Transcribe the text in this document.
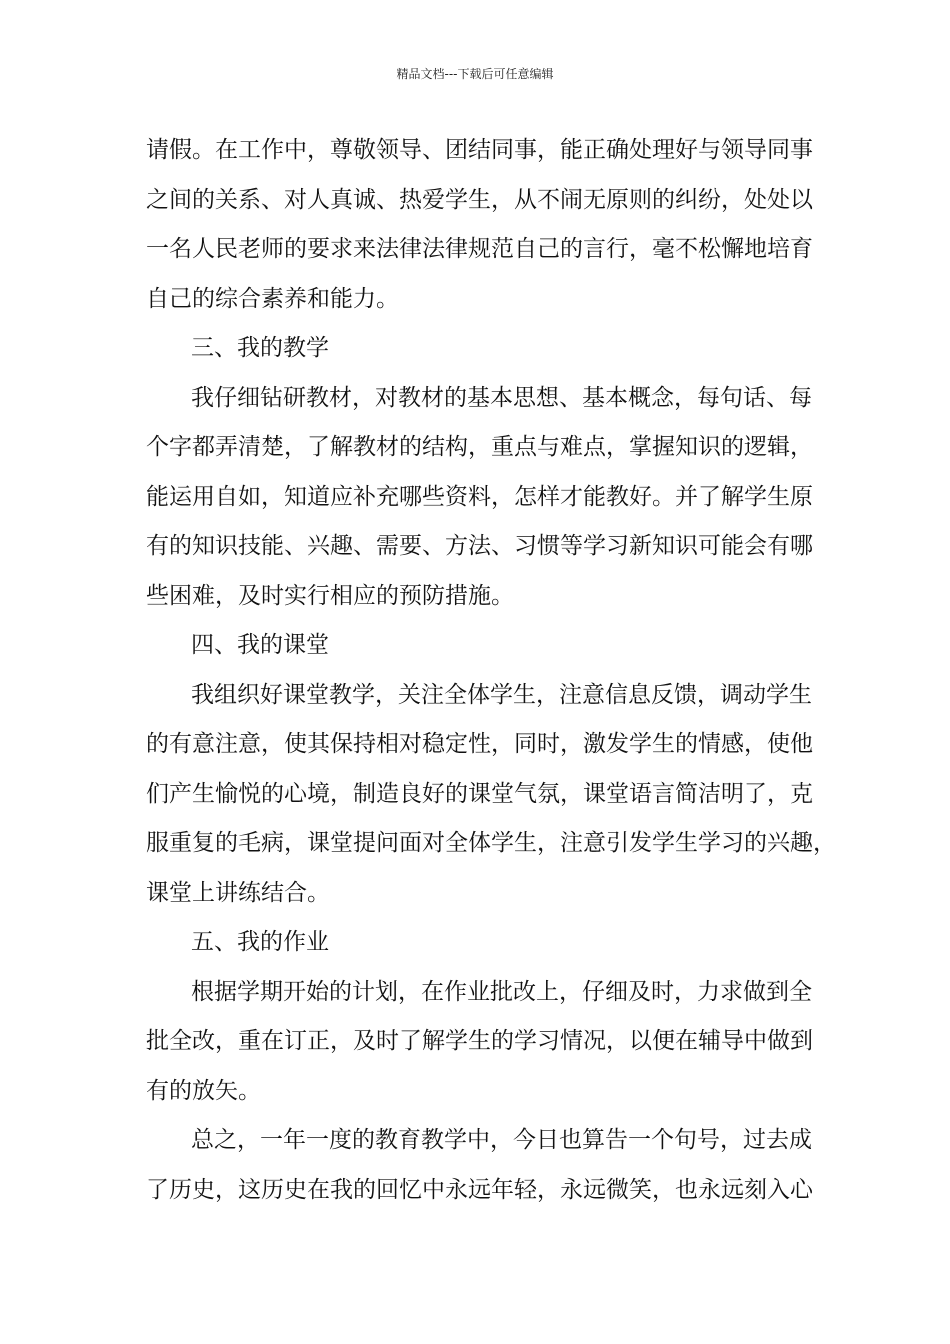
精品文档---下载后可任意编辑
请假。在工作中，尊敬领导、团结同事，能正确处理好与领导同事
之间的关系、对人真诚、热爱学生，从不闹无原则的纠纷，处处以
一名人民老师的要求来法律法律规范自己的言行，毫不松懈地培育
自己的综合素养和能力。
三、我的教学
我仔细钻研教材，对教材的基本思想、基本概念，每句话、每
个字都弄清楚，了解教材的结构，重点与难点，掌握知识的逻辑，
能运用自如，知道应补充哪些资料，怎样才能教好。并了解学生原
有的知识技能、兴趣、需要、方法、习惯等学习新知识可能会有哪
些困难，及时实行相应的预防措施。
四、我的课堂
我组织好课堂教学，关注全体学生，注意信息反馈，调动学生
的有意注意，使其保持相对稳定性，同时，激发学生的情感，使他
们产生愉悦的心境，制造良好的课堂气氛，课堂语言简洁明了，克
服重复的毛病，课堂提问面对全体学生，注意引发学生学习的兴趣，
课堂上讲练结合。
五、我的作业
根据学期开始的计划，在作业批改上，仔细及时，力求做到全
批全改，重在订正，及时了解学生的学习情况，以便在辅导中做到
有的放矢。
总之，一年一度的教育教学中，今日也算告一个句号，过去成
了历史，这历史在我的回忆中永远年轻，永远微笑，也永远刻入心
